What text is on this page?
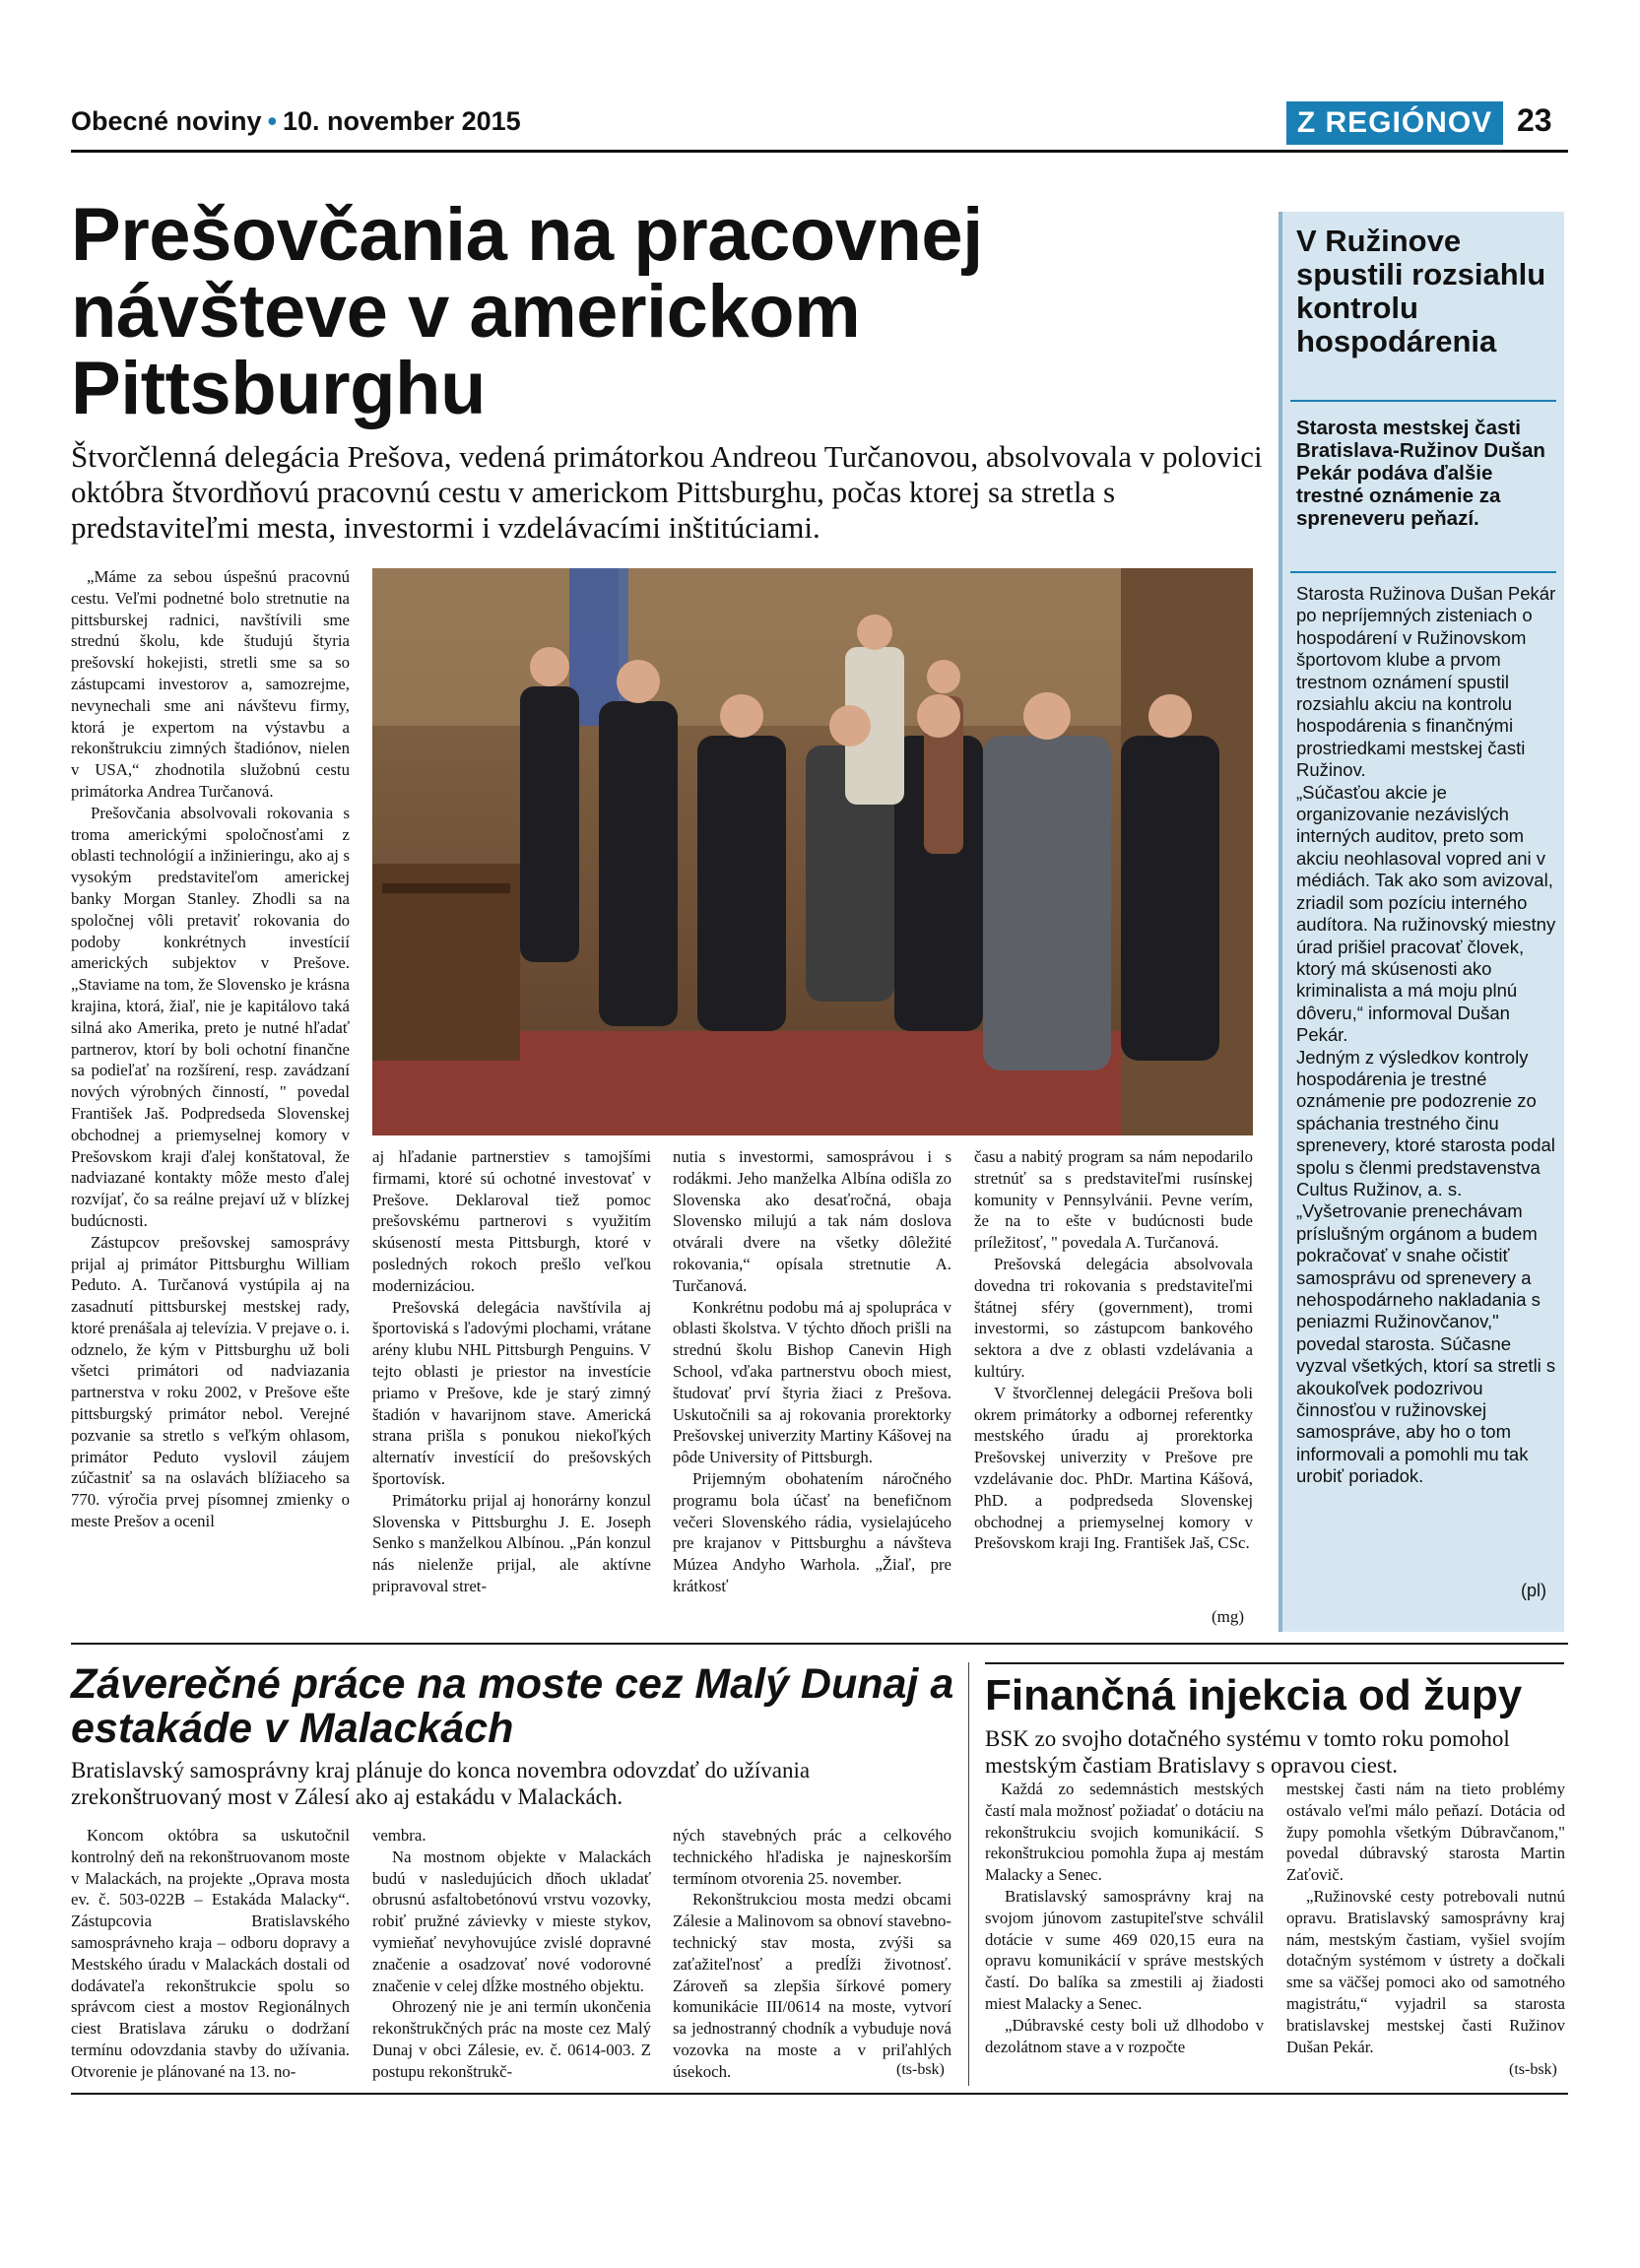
Obecné noviny • 10. november 2015	Z REGIÓNOV 23
Prešovčania na pracovnej návšteve v americkom Pittsburghu
Štvorčlenná delegácia Prešova, vedená primátorkou Andreou Turčanovou, absolvovala v polovici októbra štvordňovú pracovnú cestu v americkom Pittsburghu, počas ktorej sa stretla s predstaviteľmi mesta, investormi i vzdelávacími inštitúciami.

„Máme za sebou úspešnú pracovnú cestu. Veľmi podnetné bolo stretnutie na pittsburskej radnici, navštívili sme strednú školu, kde študujú štyria prešovskí hokejisti, stretli sme sa so zástupcami investorov a, samozrejme, nevynechali sme ani návštevu firmy, ktorá je expertom na výstavbu a rekonštrukciu zimných štadiónov, nielen v USA,“ zhodnotila služobnú cestu primátorka Andrea Turčanová.

Prešovčania absolvovali rokovania s troma americkými spoločnosťami z oblasti technológií a inžinieringu, ako aj s vysokým predstaviteľom americkej banky Morgan Stanley. Zhodli sa na spoločnej vôli pretaviť rokovania do podoby konkrétnych investícií amerických subjektov v Prešove. „Staviame na tom, že Slovensko je krásna krajina, ktorá, žiaľ, nie je kapitálovo taká silná ako Amerika, preto je nutné hľadať partnerov, ktorí by boli ochotní finančne sa podieľať na rozšírení, resp. zavádzaní nových výrobných činností, " povedal František Jaš. Podpredseda Slovenskej obchodnej a priemyselnej komory v Prešovskom kraji ďalej konštatoval, že nadviazané kontakty môže mesto ďalej rozvíjať, čo sa reálne prejaví už v blízkej budúcnosti.

Zástupcov prešovskej samosprávy prijal aj primátor Pittsburghu William Peduto. A. Turčanová vystúpila aj na zasadnutí pittsburskej mestskej rady, ktoré prenášala aj televízia. V prejave o. i. odznelo, že kým v Pittsburghu už boli všetci primátori od nadviazania partnerstva v roku 2002, v Prešove ešte pittsburgský primátor nebol. Verejné pozvanie sa stretlo s veľkým ohlasom, primátor Peduto vyslovil záujem zúčastniť sa na oslavách blížiaceho sa 770. výročia prvej písomnej zmienky o meste Prešov a ocenil

aj hľadanie partnerstiev s tamojšími firmami, ktoré sú ochotné investovať v Prešove. Deklaroval tiež pomoc prešovskému partnerovi s využitím skúseností mesta Pittsburgh, ktoré v posledných rokoch prešlo veľkou modernizáciou.

Prešovská delegácia navštívila aj športoviská s ľadovými plochami, vrátane arény klubu NHL Pittsburgh Penguins. V tejto oblasti je priestor na investície priamo v Prešove, kde je starý zimný štadión v havarijnom stave. Americká strana prišla s ponukou niekoľkých alternatív investícií do prešovských športovísk.

Primátorku prijal aj honorárny konzul Slovenska v Pittsburghu J. E. Joseph Senko s manželkou Albínou. „Pán konzul nás nielenže prijal, ale aktívne pripravoval stret-

nutia s investormi, samosprávou i s rodákmi. Jeho manželka Albína odišla zo Slovenska ako desaťročná, obaja Slovensko milujú a tak nám doslova otvárali dvere na všetky dôležité rokovania,“ opísala stretnutie A. Turčanová.

Konkrétnu podobu má aj spolupráca v oblasti školstva. V týchto dňoch prišli na strednú školu Bishop Canevin High School, vďaka partnerstvu oboch miest, študovať prví štyria žiaci z Prešova. Uskutočnili sa aj rokovania prorektorky Prešovskej univerzity Martiny Kášovej na pôde University of Pittsburgh.

Prijemným obohatením náročného programu bola účasť na benefičnom večeri Slovenského rádia, vysielajúceho pre krajanov v Pittsburghu a návšteva Múzea Andyho Warhola. „Žiaľ, pre krátkosť

času a nabitý program sa nám nepodarilo stretnúť sa s predstaviteľmi rusínskej komunity v Pennsylvánii. Pevne verím, že na to ešte v budúcnosti bude príležitosť, " povedala A. Turčanová.

Prešovská delegácia absolvovala dovedna tri rokovania s predstaviteľmi štátnej sféry (government), tromi investormi, so zástupcom bankového sektora a dve z oblasti vzdelávania a kultúry.

V štvorčlennej delegácii Prešova boli okrem primátorky a odbornej referentky mestského úradu aj prorektorka Prešovskej univerzity v Prešove pre vzdelávanie doc. PhDr. Martina Kášová, PhD. a podpredseda Slovenskej obchodnej a priemyselnej komory v Prešovskom kraji Ing. František Jaš, CSc.

(mg)
V Ružinove spustili rozsiahlu kontrolu hospodárenia
Starosta mestskej časti Bratislava-Ružinov Dušan Pekár podáva ďalšie trestné oznámenie za spreneveru peňazí.

Starosta Ružinova Dušan Pekár po nepríjemných zisteniach o hospodárení v Ružinovskom športovom klube a prvom trestnom oznámení spustil rozsiahlu akciu na kontrolu hospodárenia s finančnými prostriedkami mestskej časti Ružinov.

„Súčasťou akcie je organizovanie nezávislých interných auditov, preto som akciu neohlasoval vopred ani v médiách. Tak ako som avizoval, zriadil som pozíciu interného audítora. Na ružinovský miestny úrad prišiel pracovať človek, ktorý má skúsenosti ako kriminalista a má moju plnú dôveru,“ informoval Dušan Pekár.

Jedným z výsledkov kontroly hospodárenia je trestné oznámenie pre podozrenie zo spáchania trestného činu sprenevery, ktoré starosta podal spolu s členmi predstavenstva Cultus Ružinov, a. s. „Vyšetrovanie prenechávam príslušným orgánom a budem pokračovať v snahe očistiť samosprávu od sprenevery a nehospodárneho nakladania s peniazmi Ružinovčanov," povedal starosta. Súčasne vyzval všetkých, ktorí sa stretli s akoukoľvek podozrivou činnosťou v ružinovskej samospráve, aby ho o tom informovali a pomohli mu tak urobiť poriadok.

(pl)
Záverečné práce na moste cez Malý Dunaj a estakáde v Malackách
Bratislavský samosprávny kraj plánuje do konca novembra odovzdať do užívania zrekonštruovaný most v Zálesí ako aj estakádu v Malackách.

Koncom októbra sa uskutočnil kontrolný deň na rekonštruovanom moste v Malackách, na projekte „Oprava mosta ev. č. 503-022B – Estakáda Malacky“. Zástupcovia Bratislavského samosprávneho kraja – odboru dopravy a Mestského úradu v Malackách dostali od dodávateľa rekonštrukcie spolu so správcom ciest a mostov Regionálnych ciest Bratislava záruku o dodržaní termínu odovzdania stavby do užívania. Otvorenie je plánované na 13. no-

vembra.

Na mostnom objekte v Malackách budú v nasledujúcich dňoch ukladať obrusnú asfaltobetónovú vrstvu vozovky, robiť pružné závievky v mieste stykov, vymieňať nevyhovujúce zvislé dopravné značenie a osadzovať nové vodorovné značenie v celej dĺžke mostného objektu.

Ohrozený nie je ani termín ukončenia rekonštrukčných prác na moste cez Malý Dunaj v obci Zálesie, ev. č. 0614-003. Z postupu rekonštrukč-

ných stavebných prác a celkového technického hľadiska je najneskorším termínom otvorenia 25. november.

Rekonštrukciou mosta medzi obcami Zálesie a Malinovom sa obnoví stavebno-technický stav mosta, zvýši sa zaťažiteľnosť a predĺži životnosť. Zároveň sa zlepšia šírkové pomery komunikácie III/0614 na moste, vytvorí sa jednostranný chodník a vybuduje nová vozovka na moste a v priľahlých úsekoch.	(ts-bsk)
Finančná injekcia od župy
BSK zo svojho dotačného systému v tomto roku pomohol mestským častiam Bratislavy s opravou ciest.

Každá zo sedemnástich mestských častí mala možnosť požiadať o dotáciu na rekonštrukciu svojich komunikácií. S rekonštrukciou pomohla župa aj mestám Malacky a Senec.

Bratislavský samosprávny kraj na svojom júnovom zastupiteľstve schválil dotácie v sume 469 020,15 eura na opravu komunikácií v správe mestských častí. Do balíka sa zmestili aj žiadosti miest Malacky a Senec.

„Dúbravské cesty boli už dlhodobo v dezolátnom stave a v rozpočte

mestskej časti nám na tieto problémy ostávalo veľmi málo peňazí. Dotácia od župy pomohla všetkým Dúbravčanom," povedal dúbravský starosta Martin Zaťovič.

„Ružinovské cesty potrebovali nutnú opravu. Bratislavský samosprávny kraj nám, mestským častiam, vyšiel svojím dotačným systémom v ústrety a dočkali sme sa väčšej pomoci ako od samotného magistrátu,“ vyjadril sa starosta bratislavskej mestskej časti Ružinov Dušan Pekár.

(ts-bsk)
